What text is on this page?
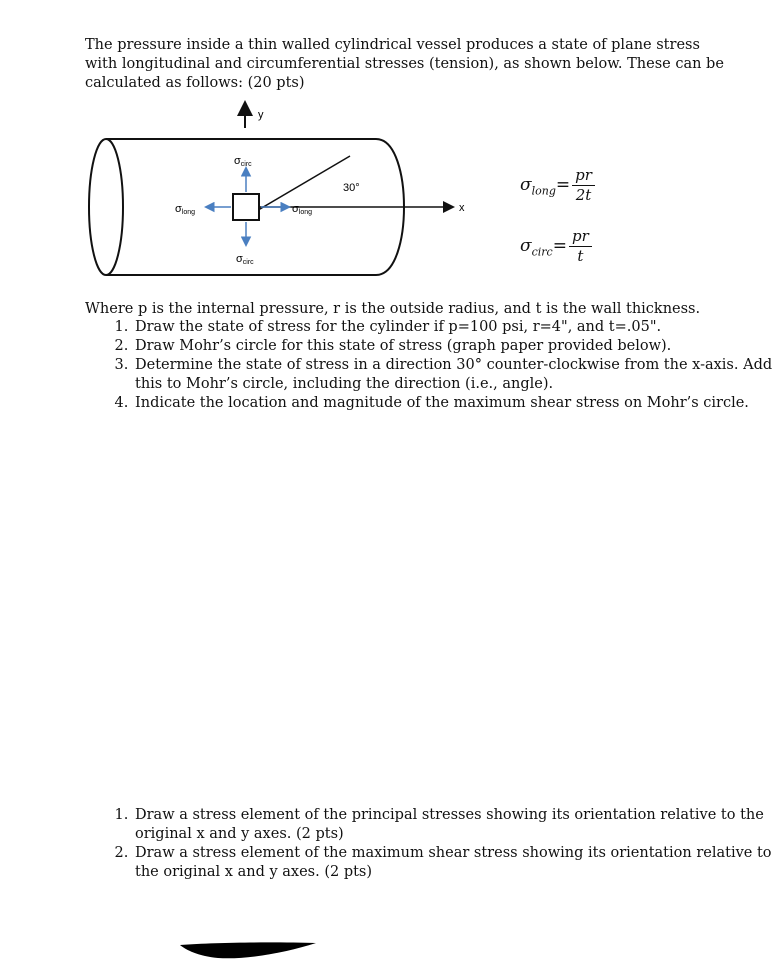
The pressure inside a thin walled cylindrical vessel produces a state of plane stress with longitudinal and circumferential stresses (tension), as shown below. These can be calculated as follows: (20 pts)

y
x
30°
σcirc
σcirc
σlong	σlong
$\sigma_{long}= \frac{pr}{2t}$
$\sigma_{circ}= \frac{pr}{t}$

Where p is the internal pressure, r is the outside radius, and t is the wall thickness.

1. Draw the state of stress for the cylinder if p=100 psi, r=4", and t=.05".
2. Draw Mohr’s circle for this state of stress (graph paper provided below).
3. Determine the state of stress in a direction 30° counter-clockwise from the x-axis. Add this to Mohr’s circle, including the direction (i.e., angle).
4. Indicate the location and magnitude of the maximum shear stress on Mohr’s circle.
1. Draw a stress element of the principal stresses showing its orientation relative to the original x and y axes. (2 pts)
2. Draw a stress element of the maximum shear stress showing its orientation relative to the original x and y axes. (2 pts)
